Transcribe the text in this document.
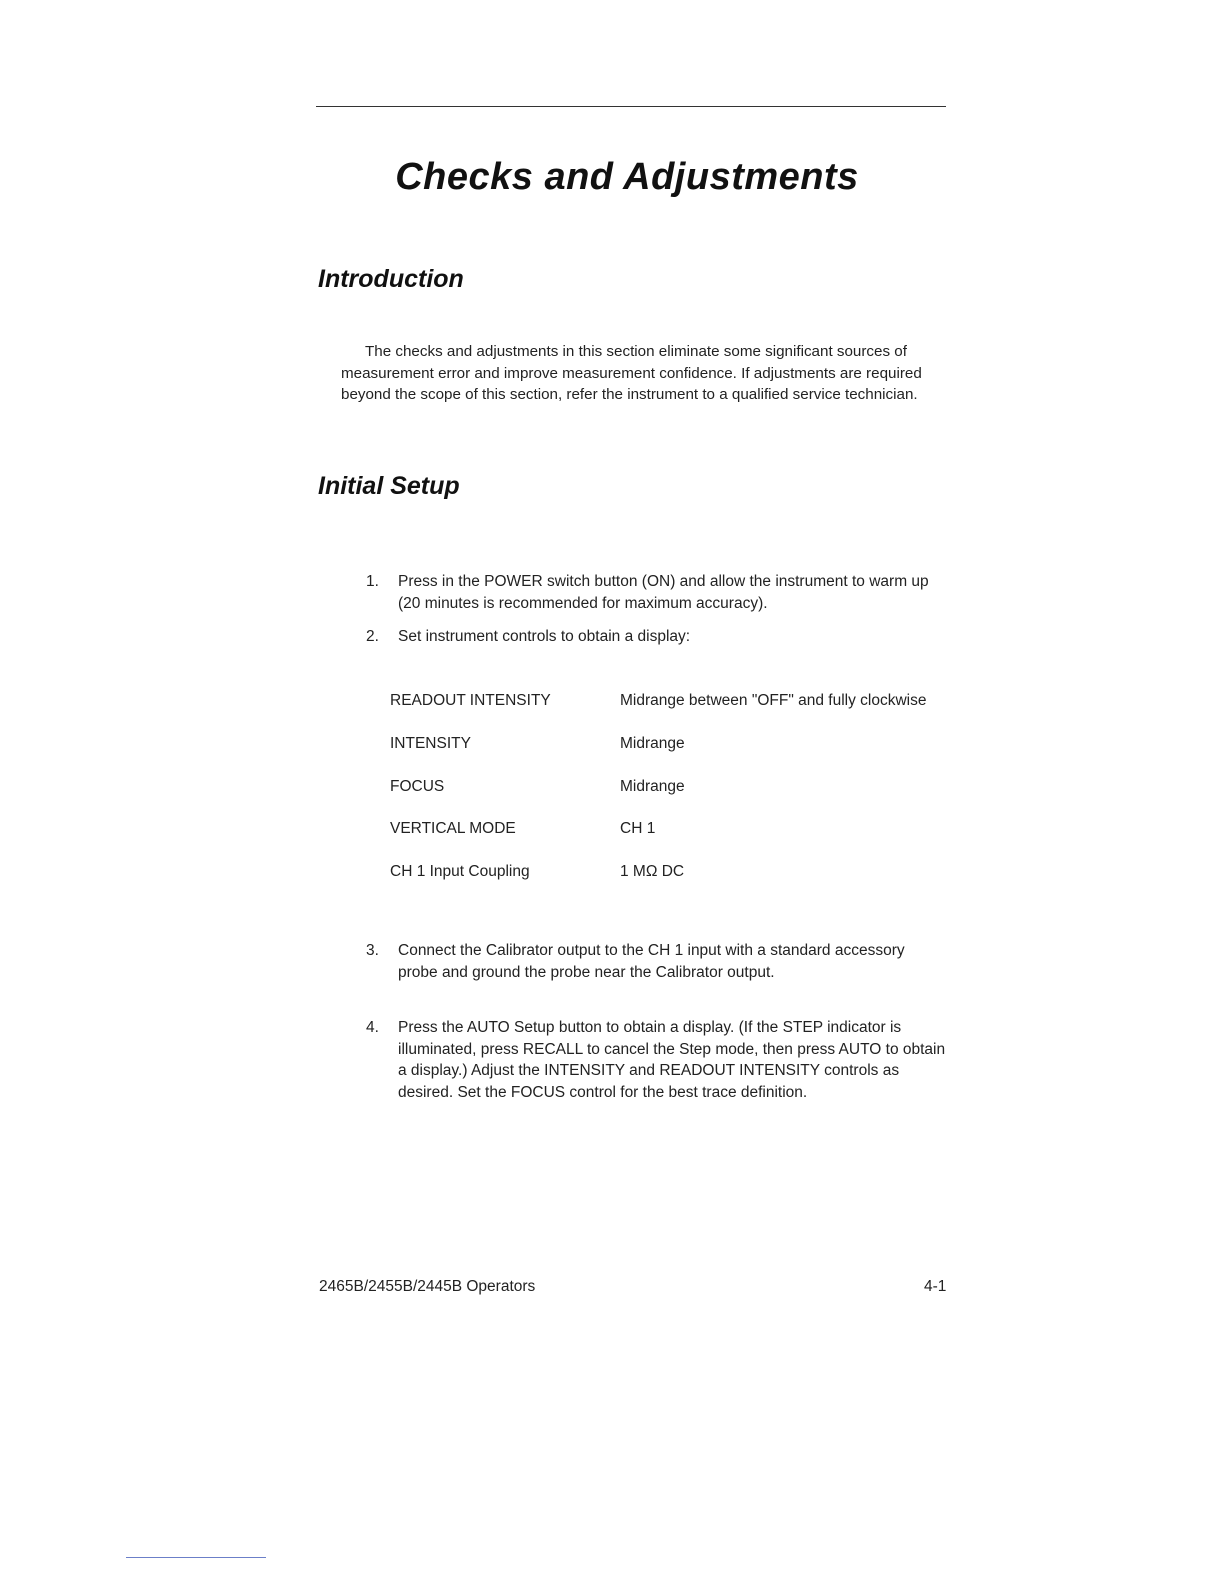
Checks and Adjustments
Introduction

The checks and adjustments in this section eliminate some significant sources of measurement error and improve measurement confidence. If adjustments are required beyond the scope of this section, refer the instrument to a qualified service technician.

Initial Setup
1.	Press in the POWER switch button (ON) and allow the instrument to warm up (20 minutes is recommended for maximum accuracy).
2.	Set instrument controls to obtain a display:
READOUT INTENSITY	Midrange between "OFF" and fully clockwise
INTENSITY	Midrange
FOCUS	Midrange
VERTICAL MODE	CH 1
CH 1 Input Coupling	1 MΩ DC
3.	Connect the Calibrator output to the CH 1 input with a standard accessory probe and ground the probe near the Calibrator output.
4.	Press the AUTO Setup button to obtain a display. (If the STEP indicator is illuminated, press RECALL to cancel the Step mode, then press AUTO to obtain a display.) Adjust the INTENSITY and READOUT INTENSITY controls as desired. Set the FOCUS control for the best trace definition.
2465B/2455B/2445B Operators	4-1
